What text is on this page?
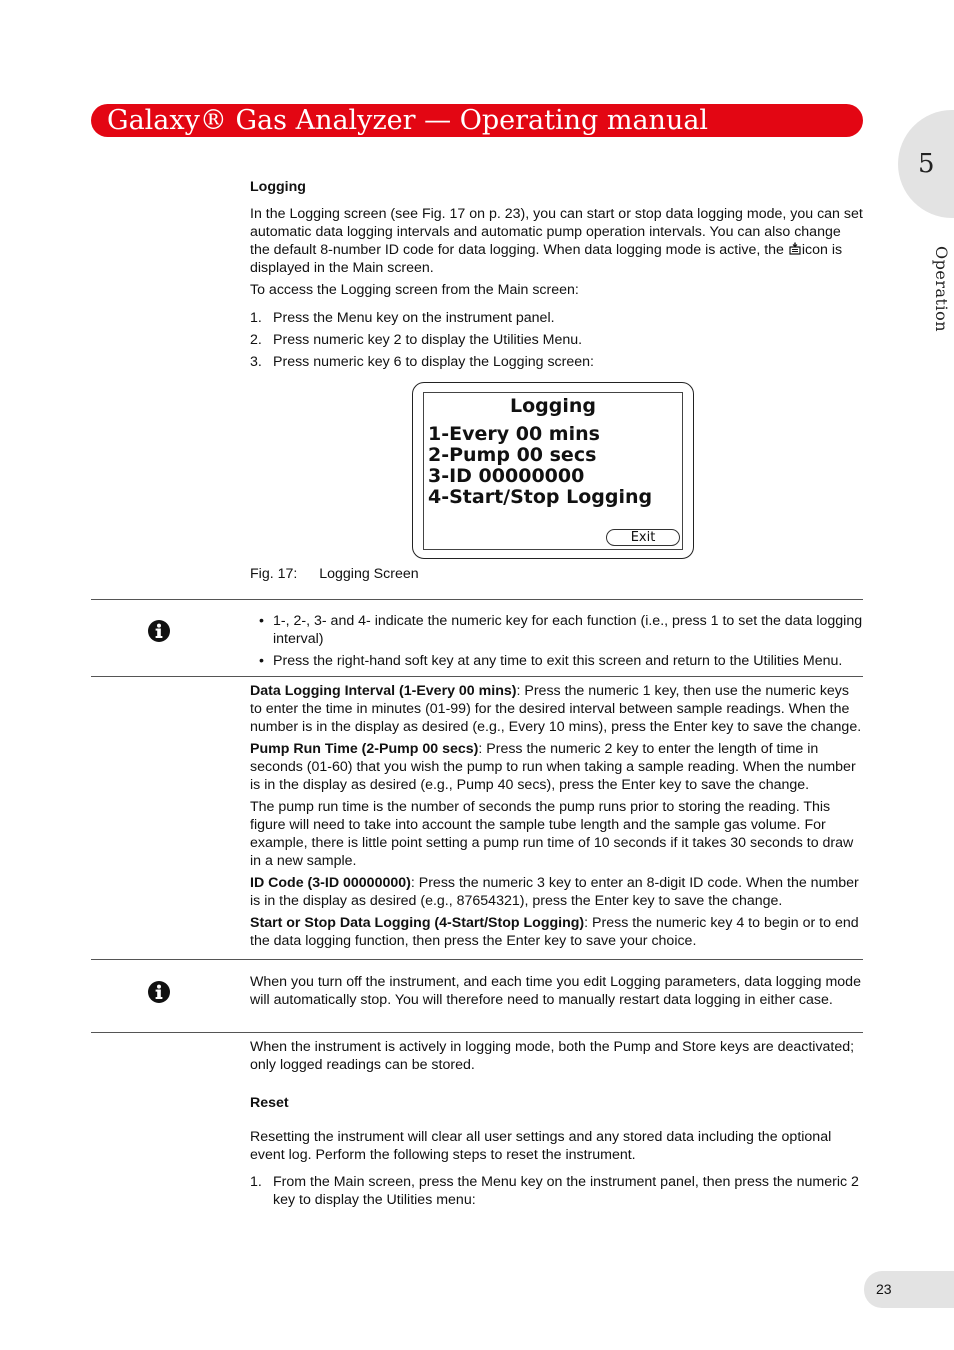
Galaxy® Gas Analyzer — Operating manual
5
Operation

Logging

In the Logging screen (see Fig. 17 on p. 23), you can start or stop data logging mode, you can set automatic data logging intervals and automatic pump operation intervals. You can also change the default 8-number ID code for data logging. When data logging mode is active, the icon is displayed in the Main screen.

To access the Logging screen from the Main screen:

1. Press the Menu key on the instrument panel.
2. Press numeric key 2 to display the Utilities Menu.
3. Press numeric key 6 to display the Logging screen:
Logging
1-Every 00 mins
2-Pump 00 secs
3-ID 00000000
4-Start/Stop Logging
Exit
Fig. 17: Logging Screen
• 1-, 2-, 3- and 4- indicate the numeric key for each function (i.e., press 1 to set the data logging interval)
• Press the right-hand soft key at any time to exit this screen and return to the Utilities Menu.

Data Logging Interval (1-Every 00 mins): Press the numeric 1 key, then use the numeric keys to enter the time in minutes (01-99) for the desired interval between sample readings. When the number is in the display as desired (e.g., Every 10 mins), press the Enter key to save the change.

Pump Run Time (2-Pump 00 secs): Press the numeric 2 key to enter the length of time in seconds (01-60) that you wish the pump to run when taking a sample reading. When the number is in the display as desired (e.g., Pump 40 secs), press the Enter key to save the change.

The pump run time is the number of seconds the pump runs prior to storing the reading. This figure will need to take into account the sample tube length and the sample gas volume. For example, there is little point setting a pump run time of 10 seconds if it takes 30 seconds to draw in a new sample.

ID Code (3-ID 00000000): Press the numeric 3 key to enter an 8-digit ID code. When the number is in the display as desired (e.g., 87654321), press the Enter key to save the change.

Start or Stop Data Logging (4-Start/Stop Logging): Press the numeric key 4 to begin or to end the data logging function, then press the Enter key to save your choice.

When you turn off the instrument, and each time you edit Logging parameters, data logging mode will automatically stop. You will therefore need to manually restart data logging in either case.

When the instrument is actively in logging mode, both the Pump and Store keys are deactivated; only logged readings can be stored.

Reset

Resetting the instrument will clear all user settings and any stored data including the optional event log. Perform the following steps to reset the instrument.

1. From the Main screen, press the Menu key on the instrument panel, then press the numeric 2 key to display the Utilities menu:
23
